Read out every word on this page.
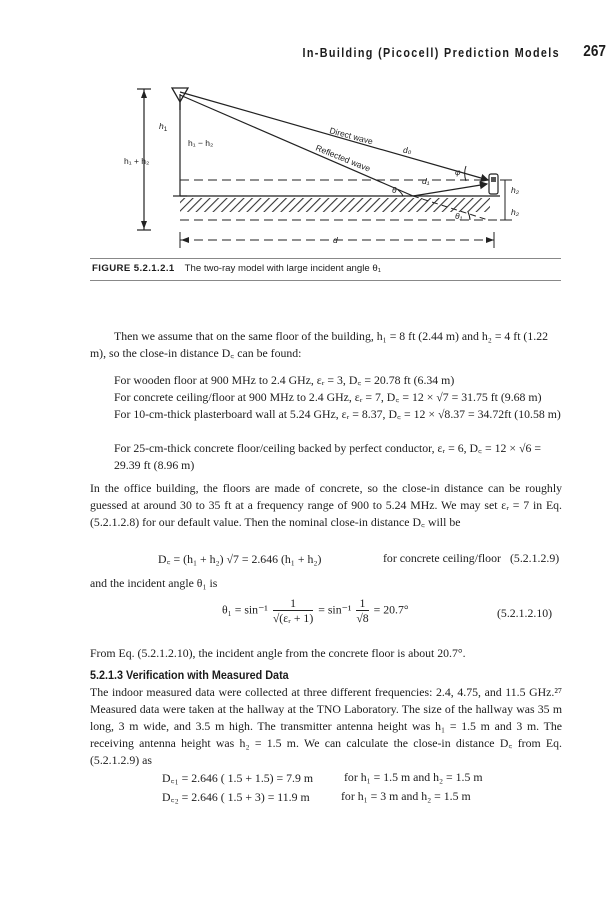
In-Building (Picocell) Prediction Models	267
$h_1$
h₁ − h₂
h₁ + h₂
Direct wave
Reflected wave	d₀
d₁
φ
θ
θ₁
h₂
h₂
d
FIGURE 5.2.1.2.1 The two-ray model with large incident angle θ₁
Then we assume that on the same floor of the building, h₁ = 8 ft (2.44 m) and h₂ = 4 ft (1.22 m), so the close-in distance D꜀ can be found:
For wooden floor at 900 MHz to 2.4 GHz, εᵣ = 3, D꜀ = 20.78 ft (6.34 m)
For concrete ceiling/floor at 900 MHz to 2.4 GHz, εᵣ = 7, D꜀ = 12 × √7 = 31.75 ft (9.68 m)
For 10-cm-thick plasterboard wall at 5.24 GHz, εᵣ = 8.37, D꜀ = 12 × √8.37 = 34.72ft (10.58 m)
For 25-cm-thick concrete floor/ceiling backed by perfect conductor, εᵣ = 6, D꜀ = 12 × √6 = 29.39 ft (8.96 m)
In the office building, the floors are made of concrete, so the close-in distance can be roughly guessed at around 30 to 35 ft at a frequency range of 900 to 5.24 MHz. We may set εᵣ = 7 in Eq. (5.2.1.2.8) for our default value. Then the nominal close-in distance D꜀ will be
D꜀ = (h₁ + h₂) √7 = 2.646 (h₁ + h₂)	for concrete ceiling/floor (5.2.1.2.9)
and the incident angle θ₁ is
$\theta_1 = \sin^{-1} \frac{1}{\text{√(εᵣ + 1)}} = \sin^{-1} \frac{1}{√8} = 20.7^\circ$	(5.2.1.2.10)
From Eq. (5.2.1.2.10), the incident angle from the concrete floor is about 20.7°.
5.2.1.3 Verification with Measured Data
The indoor measured data were collected at three different frequencies: 2.4, 4.75, and 11.5 GHz.²⁷ Measured data were taken at the hallway at the TNO Laboratory. The size of the hallway was 35 m long, 3 m wide, and 3.5 m high. The transmitter antenna height was h₁ = 1.5 m and 3 m. The receiving antenna height was h₂ = 1.5 m. We can calculate the close-in distance D꜀ from Eq. (5.2.1.2.9) as
D꜀₁ = 2.646 ( 1.5 + 1.5) = 7.9 m	for h₁ = 1.5 m and h₂ = 1.5 m
D꜀₂ = 2.646 ( 1.5 + 3) = 11.9 m	for h₁ = 3 m and h₂ = 1.5 m
